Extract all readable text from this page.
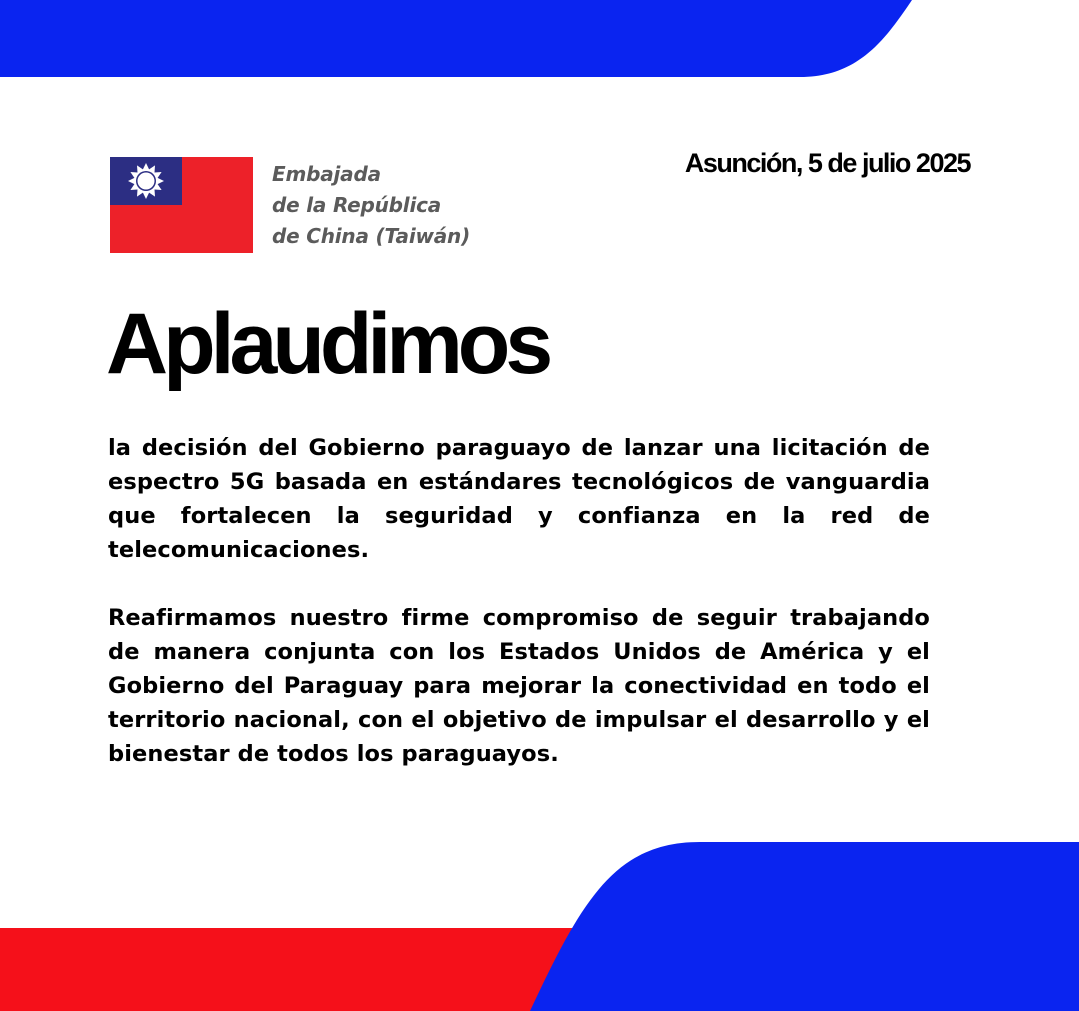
Embajada
de la República
de China (Taiwán)
Asunción, 5 de julio 2025
Aplaudimos

la decisión del Gobierno paraguayo de lanzar una licitación de espectro 5G basada en estándares tecnológicos de vanguardia que fortalecen la seguridad y confianza en la red de telecomunicaciones.

Reafirmamos nuestro firme compromiso de seguir trabajando de manera conjunta con los Estados Unidos de América y el Gobierno del Paraguay para mejorar la conectividad en todo el territorio nacional, con el objetivo de impulsar el desarrollo y el bienestar de todos los paraguayos.
